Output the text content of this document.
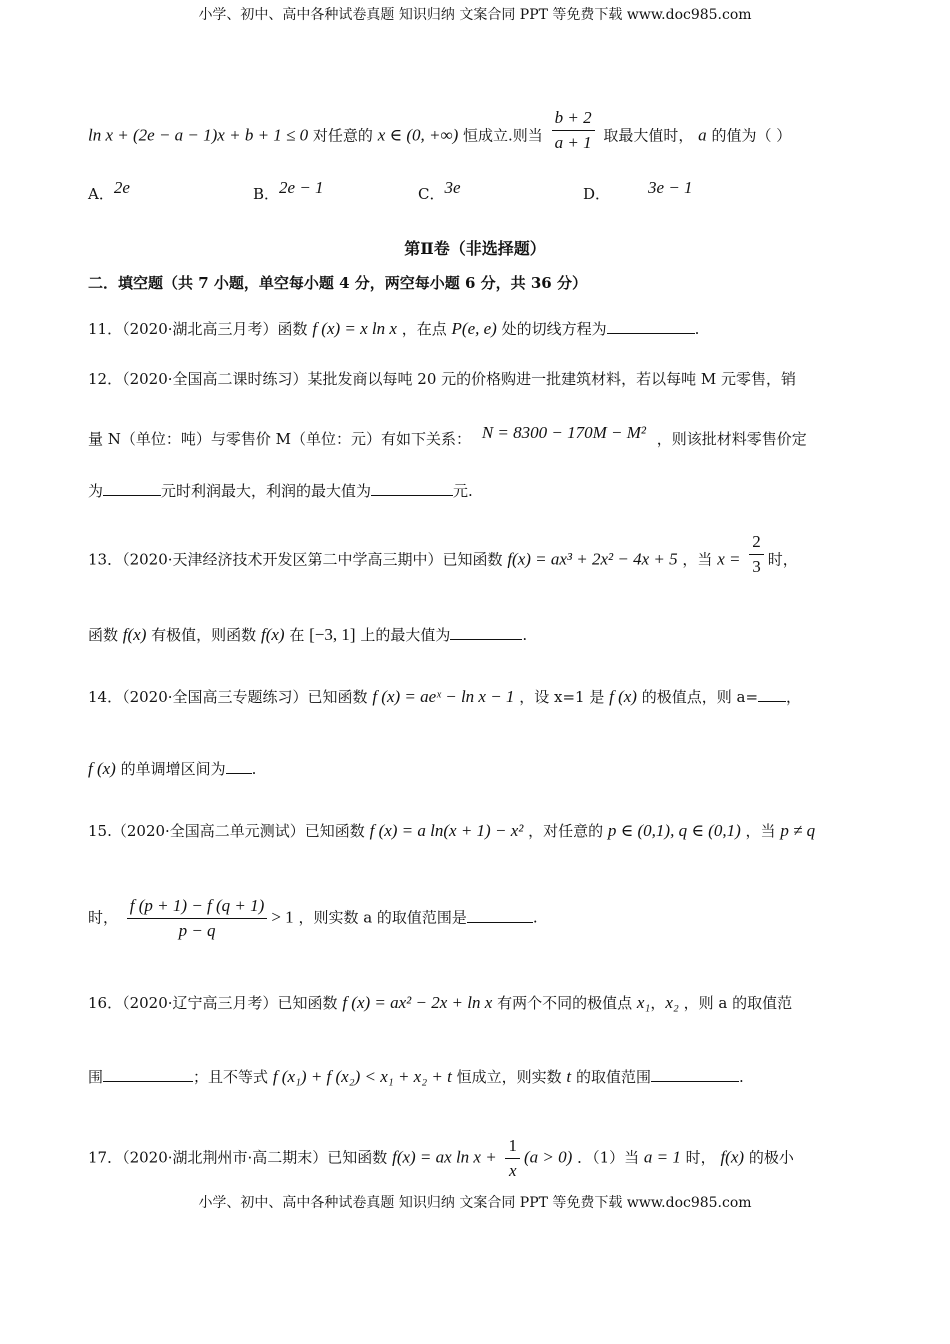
小学、初中、高中各种试卷真题 知识归纳 文案合同 PPT 等免费下载 www.doc985.com
小学、初中、高中各种试卷真题 知识归纳 文案合同 PPT 等免费下载 www.doc985.com
ln x + (2e − a − 1)x + b + 1 ≤ 0 对任意的 x ∈ (0, +∞) 恒成立.则当 $\frac{b + 2}{a + 1}$ 取最大值时， a 的值为（ ）
A．2e	B．2e − 1	C．3e	D． 3e − 1
第Ⅱ卷（非选择题）
二．填空题（共 7 小题，单空每小题 4 分，两空每小题 6 分，共 36 分）
11．（2020·湖北高三月考）函数 f (x) = x ln x ，在点 P(e, e) 处的切线方程为	.
12．（2020·全国高二课时练习）某批发商以每吨 20 元的价格购进一批建筑材料，若以每吨 M 元零售，销
量 N（单位：吨）与零售价 M（单位：元）有如下关系： N = 8300 − 170M − M² ，则该批材料零售价定
为	元时利润最大，利润的最大值为	元.
13．（2020·天津经济技术开发区第二中学高三期中）已知函数 f(x) = ax³ + 2x² − 4x + 5 ，当 $x = \frac{2}{3}$ 时，
函数 f(x) 有极值，则函数 f(x) 在 [−3, 1] 上的最大值为	.
14．（2020·全国高三专题练习）已知函数 f (x) = aeˣ − ln x − 1 ，设 x=1 是 f (x) 的极值点，则 a= ，
f (x) 的单调增区间为 .
15.（2020·全国高二单元测试）已知函数 f (x) = a ln(x + 1) − x² ，对任意的 p ∈ (0,1), q ∈ (0,1) ，当 p ≠ q
时， $\frac{f (p + 1) - f (q + 1)}{p - q} > 1$ ，则实数 a 的取值范围是	.
16．（2020·辽宁高三月考）已知函数 f (x) = ax² − 2x + ln x 有两个不同的极值点 x₁，x₂ ，则 a 的取值范
围	；且不等式 f (x₁) + f (x₂) < x₁ + x₂ + t 恒成立，则实数 t 的取值范围	.
17．（2020·湖北荆州市·高二期末）已知函数 f(x) = ax $\ln x + \frac{1}{x} (a > 0)$ ．（1）当 a = 1 时， f(x) 的极小
